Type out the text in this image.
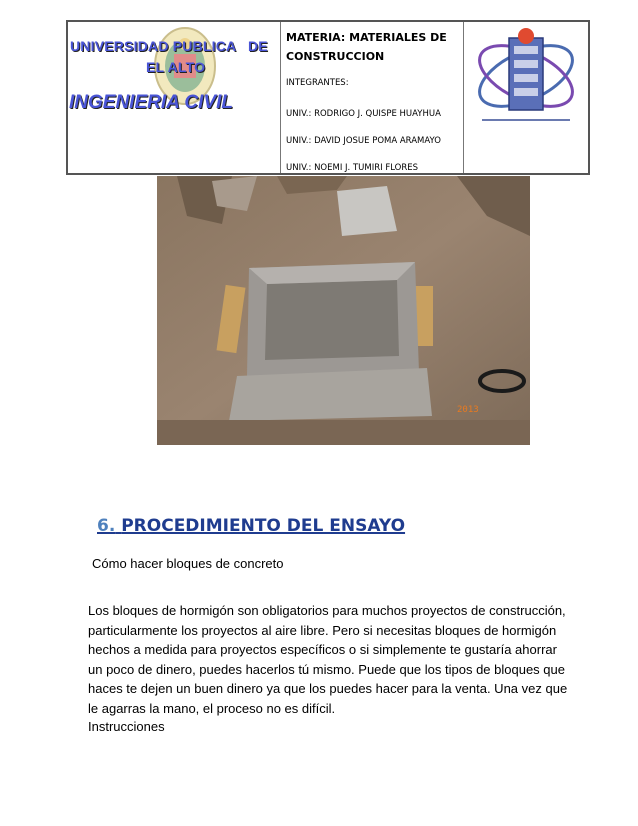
UNIVERSIDAD PUBLICA DE
EL ALTO
INGENIERIA CIVIL
MATERIA: MATERIALES DE
CONSTRUCCION
INTEGRANTES:
UNIV.: RODRIGO J. QUISPE HUAYHUA
UNIV.: DAVID JOSUE POMA ARAMAYO
UNIV.: NOEMI J. TUMIRI FLORES
2013
6. PROCEDIMIENTO DEL ENSAYO
Cómo hacer bloques de concreto
Los bloques de hormigón son obligatorios para muchos proyectos de construcción, particularmente los proyectos al aire libre. Pero si necesitas bloques de hormigón hechos a medida para proyectos específicos o si simplemente te gustaría ahorrar un poco de dinero, puedes hacerlos tú mismo. Puede que los tipos de bloques que haces te dejen un buen dinero ya que los puedes hacer para la venta. Una vez que le agarras la mano, el proceso no es difícil.
Instrucciones
